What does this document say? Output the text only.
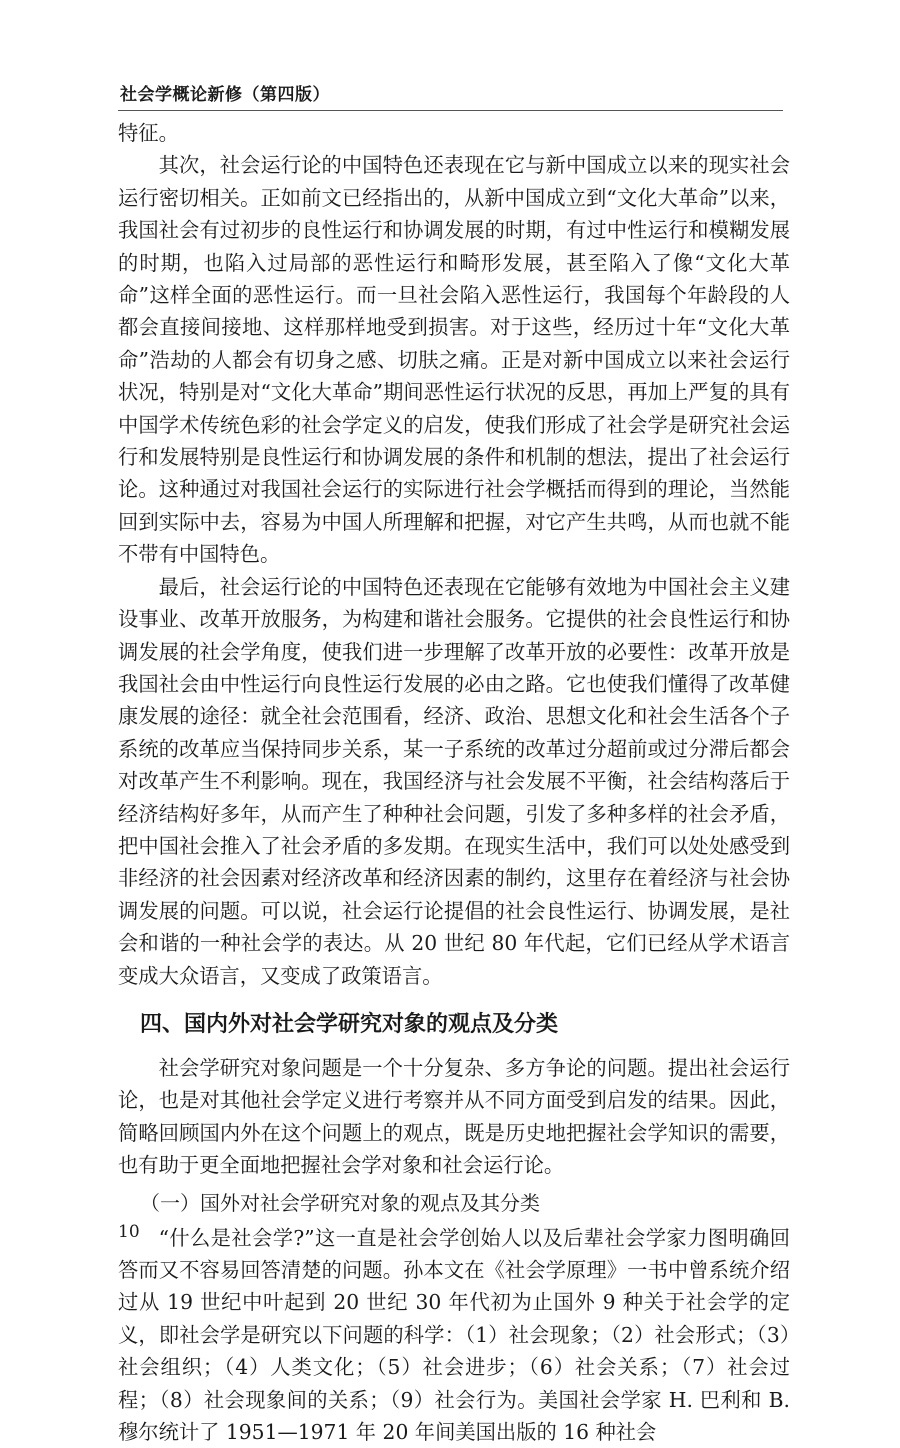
社会学概论新修（第四版）

特征。

其次，社会运行论的中国特色还表现在它与新中国成立以来的现实社会运行密切相关。正如前文已经指出的，从新中国成立到“文化大革命”以来，我国社会有过初步的良性运行和协调发展的时期，有过中性运行和模糊发展的时期，也陷入过局部的恶性运行和畸形发展，甚至陷入了像“文化大革命”这样全面的恶性运行。而一旦社会陷入恶性运行，我国每个年龄段的人都会直接间接地、这样那样地受到损害。对于这些，经历过十年“文化大革命”浩劫的人都会有切身之感、切肤之痛。正是对新中国成立以来社会运行状况，特别是对“文化大革命”期间恶性运行状况的反思，再加上严复的具有中国学术传统色彩的社会学定义的启发，使我们形成了社会学是研究社会运行和发展特别是良性运行和协调发展的条件和机制的想法，提出了社会运行论。这种通过对我国社会运行的实际进行社会学概括而得到的理论，当然能回到实际中去，容易为中国人所理解和把握，对它产生共鸣，从而也就不能不带有中国特色。

最后，社会运行论的中国特色还表现在它能够有效地为中国社会主义建设事业、改革开放服务，为构建和谐社会服务。它提供的社会良性运行和协调发展的社会学角度，使我们进一步理解了改革开放的必要性：改革开放是我国社会由中性运行向良性运行发展的必由之路。它也使我们懂得了改革健康发展的途径：就全社会范围看，经济、政治、思想文化和社会生活各个子系统的改革应当保持同步关系，某一子系统的改革过分超前或过分滞后都会对改革产生不利影响。现在，我国经济与社会发展不平衡，社会结构落后于经济结构好多年，从而产生了种种社会问题，引发了多种多样的社会矛盾，把中国社会推入了社会矛盾的多发期。在现实生活中，我们可以处处感受到非经济的社会因素对经济改革和经济因素的制约，这里存在着经济与社会协调发展的问题。可以说，社会运行论提倡的社会良性运行、协调发展，是社会和谐的一种社会学的表达。从 20 世纪 80 年代起，它们已经从学术语言变成大众语言，又变成了政策语言。

四、国内外对社会学研究对象的观点及分类

社会学研究对象问题是一个十分复杂、多方争论的问题。提出社会运行论，也是对其他社会学定义进行考察并从不同方面受到启发的结果。因此，简略回顾国内外在这个问题上的观点，既是历史地把握社会学知识的需要，也有助于更全面地把握社会学对象和社会运行论。

（一）国外对社会学研究对象的观点及其分类

“什么是社会学?”这一直是社会学创始人以及后辈社会学家力图明确回答而又不容易回答清楚的问题。孙本文在《社会学原理》一书中曾系统介绍过从 19 世纪中叶起到 20 世纪 30 年代初为止国外 9 种关于社会学的定义，即社会学是研究以下问题的科学：（1）社会现象；（2）社会形式；（3）社会组织；（4）人类文化；（5）社会进步；（6）社会关系；（7）社会过程；（8）社会现象间的关系；（9）社会行为。美国社会学家 H. 巴利和 B. 穆尔统计了 1951—1971 年 20 年间美国出版的 16 种社会

10
